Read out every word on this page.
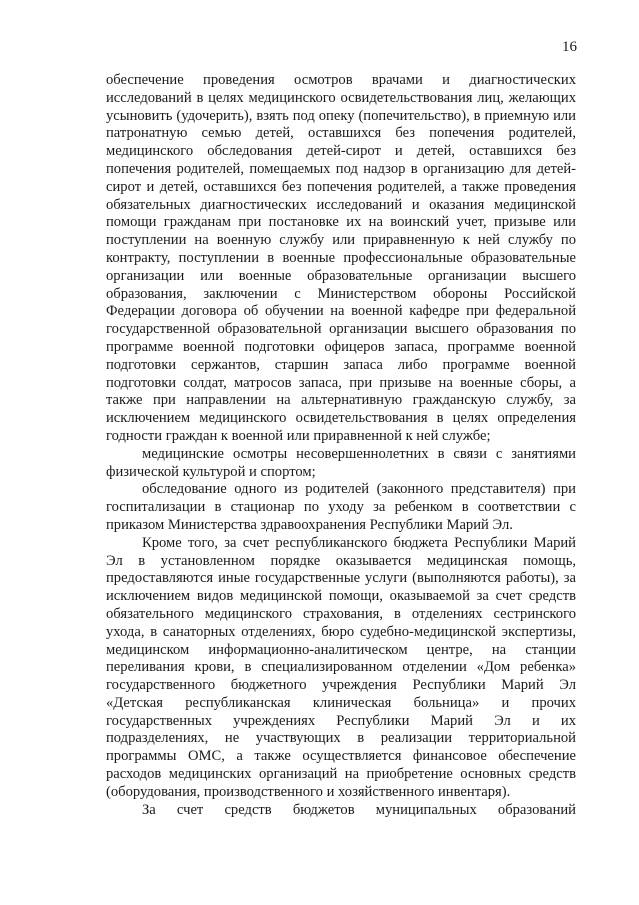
16

обеспечение проведения осмотров врачами и диагностических исследований в целях медицинского освидетельствования лиц, желающих усыновить (удочерить), взять под опеку (попечительство), в приемную или патронатную семью детей, оставшихся без попечения родителей, медицинского обследования детей-сирот и детей, оставшихся без попечения родителей, помещаемых под надзор в организацию для детей-сирот и детей, оставшихся без попечения родителей, а также проведения обязательных диагностических исследований и оказания медицинской помощи гражданам при постановке их на воинский учет, призыве или поступлении на военную службу или приравненную к ней службу по контракту, поступлении в военные профессиональные образовательные организации или военные образовательные организации высшего образования, заключении с Министерством обороны Российской Федерации договора об обучении на военной кафедре при федеральной государственной образовательной организации высшего образования по программе военной подготовки офицеров запаса, программе военной подготовки сержантов, старшин запаса либо программе военной подготовки солдат, матросов запаса, при призыве на военные сборы, а также при направлении на альтернативную гражданскую службу, за исключением медицинского освидетельствования в целях определения годности граждан к военной или приравненной к ней службе;

медицинские осмотры несовершеннолетних в связи с занятиями физической культурой и спортом;

обследование одного из родителей (законного представителя) при госпитализации в стационар по уходу за ребенком в соответствии с приказом Министерства здравоохранения Республики Марий Эл.

Кроме того, за счет республиканского бюджета Республики Марий Эл в установленном порядке оказывается медицинская помощь, предоставляются иные государственные услуги (выполняются работы), за исключением видов медицинской помощи, оказываемой за счет средств обязательного медицинского страхования, в отделениях сестринского ухода, в санаторных отделениях, бюро судебно-медицинской экспертизы, медицинском информационно-аналитическом центре, на станции переливания крови, в специализированном отделении «Дом ребенка» государственного бюджетного учреждения Республики Марий Эл «Детская республиканская клиническая больница» и прочих государственных учреждениях Республики Марий Эл и их подразделениях, не участвующих в реализации территориальной программы ОМС, а также осуществляется финансовое обеспечение расходов медицинских организаций на приобретение основных средств (оборудования, производственного и хозяйственного инвентаря).

За счет средств бюджетов муниципальных образований
